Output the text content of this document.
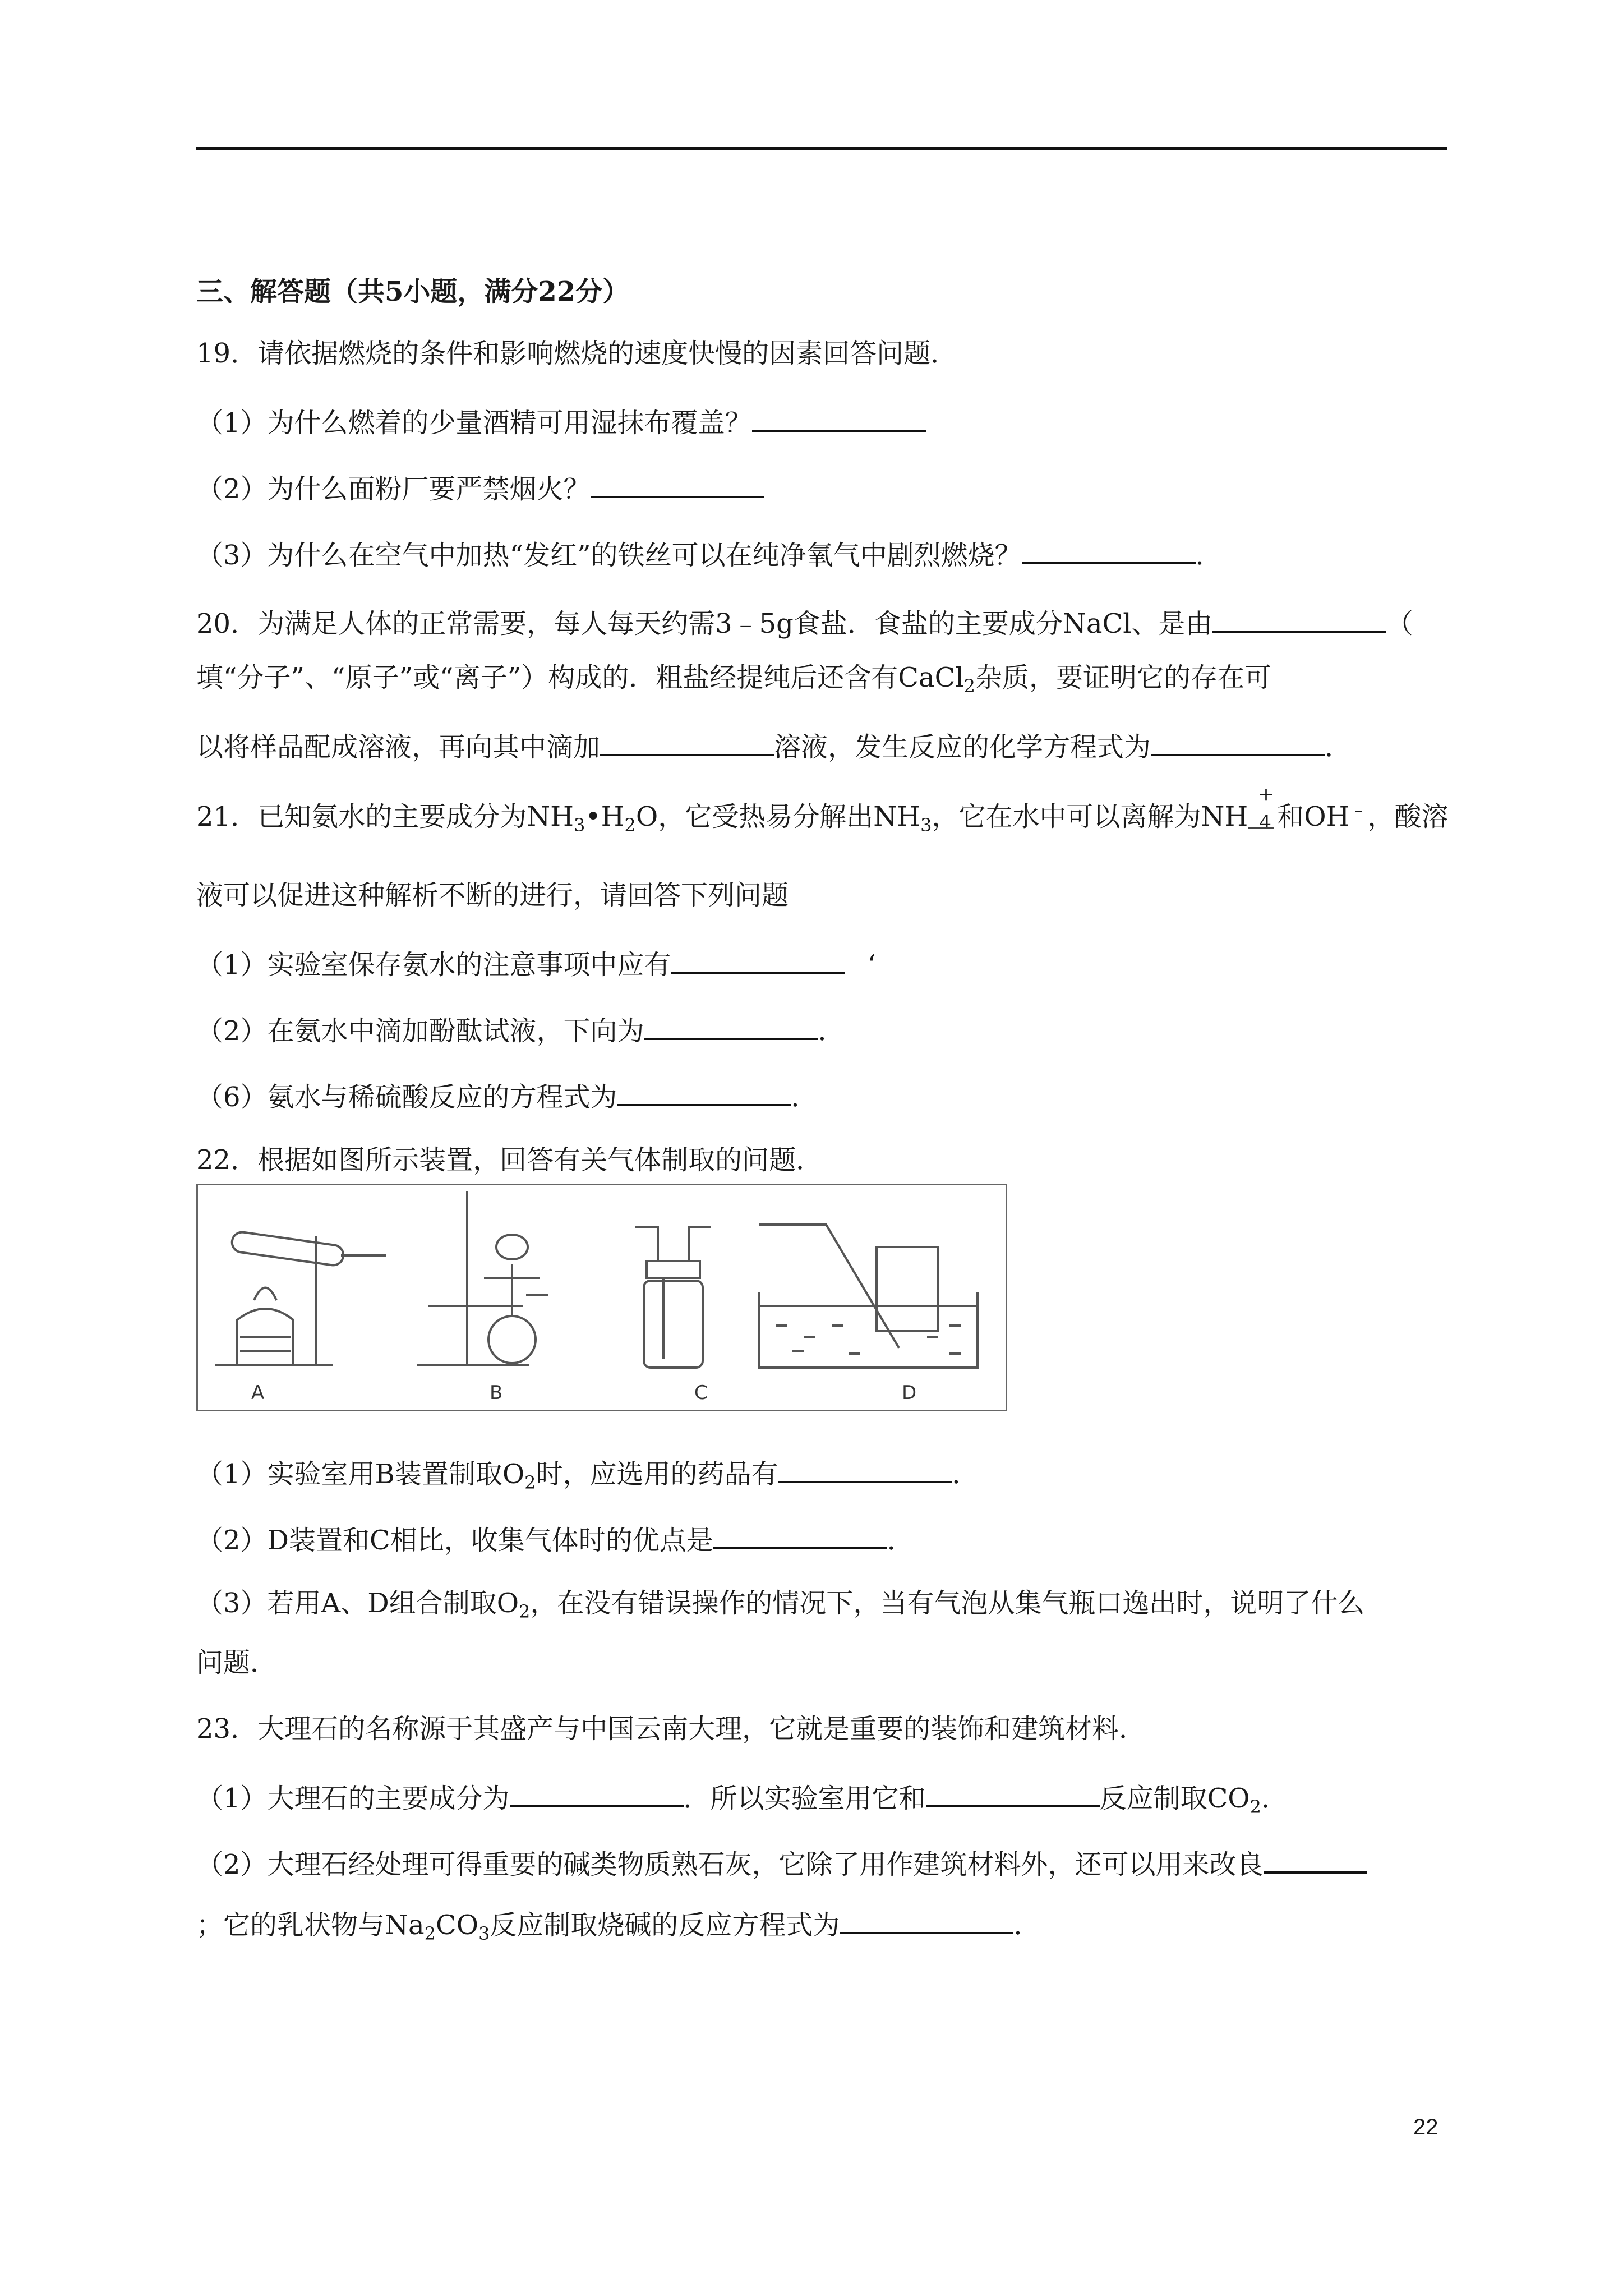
三、解答题（共5小题，满分22分）
19．请依据燃烧的条件和影响燃烧的速度快慢的因素回答问题．
（1）为什么燃着的少量酒精可用湿抹布覆盖？
（2）为什么面粉厂要严禁烟火？
（3）为什么在空气中加热“发红”的铁丝可以在纯净氧气中剧烈燃烧？	．
20．为满足人体的正常需要，每人每天约需3﹣5g食盐．食盐的主要成分NaCl、是由	（
填“分子”、“原子”或“离子”）构成的．粗盐经提纯后还含有CaCl$_2$杂质，要证明它的存在可
以将样品配成溶液，再向其中滴加	溶液，发生反应的化学方程式为	．
21．已知氨水的主要成分为$NH_3•H_2O$，它受热易分解出$NH_3$，它在水中可以离解为NH
+
4 和OH﹣，酸溶
液可以促进这种解析不断的进行，请回答下列问题
（1）实验室保存氨水的注意事项中应有	‘
（2）在氨水中滴加酚酞试液，下向为	．
（6）氨水与稀硫酸反应的方程式为	．
22．根据如图所示装置，回答有关气体制取的问题．
A	B	C	D
（1）实验室用B装置制取$O_2$时，应选用的药品有	．
（2）D装置和C相比，收集气体时的优点是	．
（3）若用A、D组合制取$O_2$，在没有错误操作的情况下，当有气泡从集气瓶口逸出时，说明了什么
问题．
23．大理石的名称源于其盛产与中国云南大理，它就是重要的装饰和建筑材料．
（1）大理石的主要成分为	．所以实验室用它和	反应制取$CO_2$．
（2）大理石经处理可得重要的碱类物质熟石灰，它除了用作建筑材料外，还可以用来改良
；它的乳状物与$Na_2CO_3$反应制取烧碱的反应方程式为	．
22
